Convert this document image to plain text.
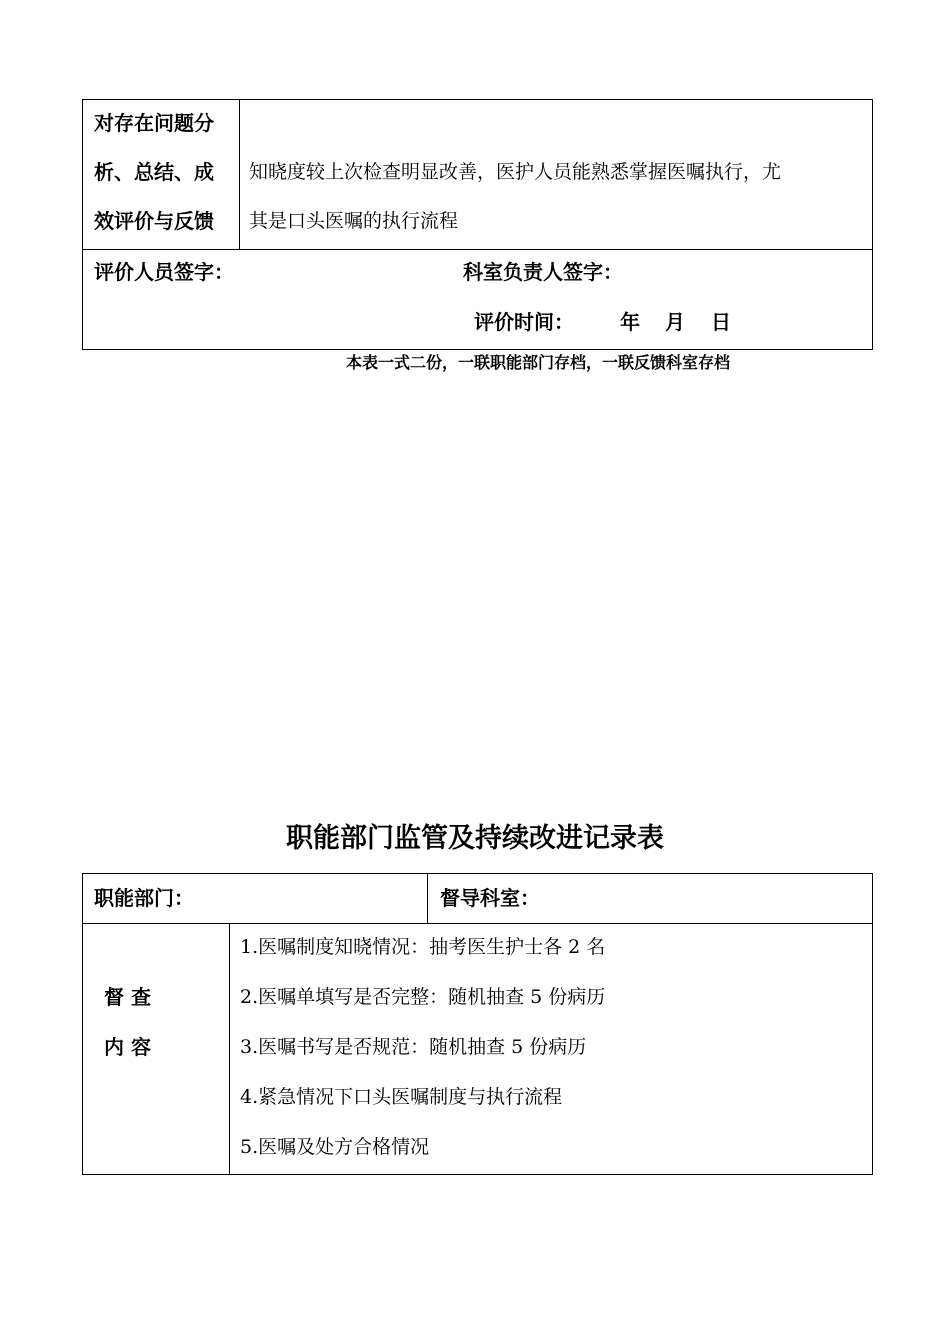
对存在问题分
析、总结、成
效评价与反馈
知晓度较上次检查明显改善，医护人员能熟悉掌握医嘱执行，尤
其是口头医嘱的执行流程
评价人员签字：	科室负责人签字：
评价时间： 年 月 日
本表一式二份，一联职能部门存档，一联反馈科室存档
职能部门监管及持续改进记录表
职能部门：	督导科室：
督 查
内 容
1.医嘱制度知晓情况：抽考医生护士各 2 名
2.医嘱单填写是否完整：随机抽查 5 份病历
3.医嘱书写是否规范：随机抽查 5 份病历
4.紧急情况下口头医嘱制度与执行流程
5.医嘱及处方合格情况
